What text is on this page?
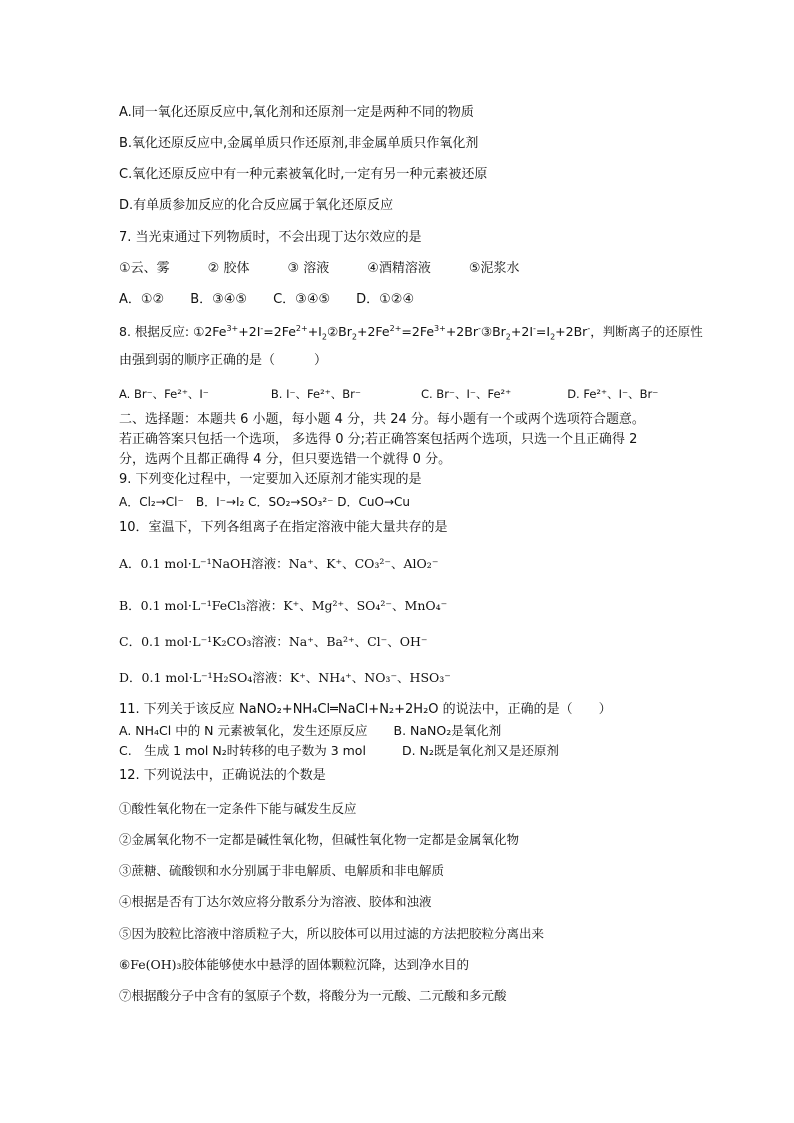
A.同一氧化还原反应中,氧化剂和还原剂一定是两种不同的物质
B.氧化还原反应中,金属单质只作还原剂,非金属单质只作氧化剂
C.氧化还原反应中有一种元素被氧化时,一定有另一种元素被还原
D.有单质参加反应的化合反应属于氧化还原反应
7. 当光束通过下列物质时，不会出现丁达尔效应的是
①云、雾	② 胶体	③ 溶液	④酒精溶液	⑤泥浆水
A．①② B．③④⑤ C．③④⑤ D．①②④
8. 根据反应: $①2Fe^{3+}+2I^-=2Fe^{2+}+I_2②Br_2+2Fe^{2+}=2Fe^{3+}+2Br^-③Br_2+2I^-=I_2+2Br^-$，判断离子的还原性
由强到弱的顺序正确的是（　　　）
A. Br⁻、Fe²⁺、I⁻	B. I⁻、Fe²⁺、Br⁻	C. Br⁻、I⁻、Fe²⁺	D. Fe²⁺、I⁻、Br⁻
二、选择题：本题共 6 小题，每小题 4 分，共 24 分。每小题有一个或两个选项符合题意。
若正确答案只包括一个选项， 多选得 0 分;若正确答案包括两个选项，只选一个且正确得 2
分，选两个且都正确得 4 分，但只要选错一个就得 0 分。
9. 下列变化过程中，一定要加入还原剂才能实现的是
A．Cl₂→Cl⁻　B．I⁻→I₂ C．SO₂→SO₃²⁻ D．CuO→Cu
10．室温下，下列各组离子在指定溶液中能大量共存的是
A．0.1 mol·L⁻¹NaOH溶液：Na⁺、K⁺、CO₃²⁻、AlO₂⁻
B．0.1 mol·L⁻¹FeCl₃溶液：K⁺、Mg²⁺、SO₄²⁻、MnO₄⁻
C．0.1 mol·L⁻¹K₂CO₃溶液：Na⁺、Ba²⁺、Cl⁻、OH⁻
D．0.1 mol·L⁻¹H₂SO₄溶液：K⁺、NH₄⁺、NO₃⁻、HSO₃⁻
11. 下列关于该反应 NaNO₂+NH₄Cl═NaCl+N₂+2H₂O 的说法中，正确的是（　　）
A. NH₄Cl 中的 N 元素被氧化，发生还原反应 B. NaNO₂是氧化剂
C.　生成 1 mol N₂时转移的电子数为 3 mol	D. N₂既是氧化剂又是还原剂
12. 下列说法中，正确说法的个数是
①酸性氧化物在一定条件下能与碱发生反应
②金属氧化物不一定都是碱性氧化物，但碱性氧化物一定都是金属氧化物
③蔗糖、硫酸钡和水分别属于非电解质、电解质和非电解质
④根据是否有丁达尔效应将分散系分为溶液、胶体和浊液
⑤因为胶粒比溶液中溶质粒子大，所以胶体可以用过滤的方法把胶粒分离出来
⑥Fe(OH)₃胶体能够使水中悬浮的固体颗粒沉降，达到净水目的
⑦根据酸分子中含有的氢原子个数，将酸分为一元酸、二元酸和多元酸
